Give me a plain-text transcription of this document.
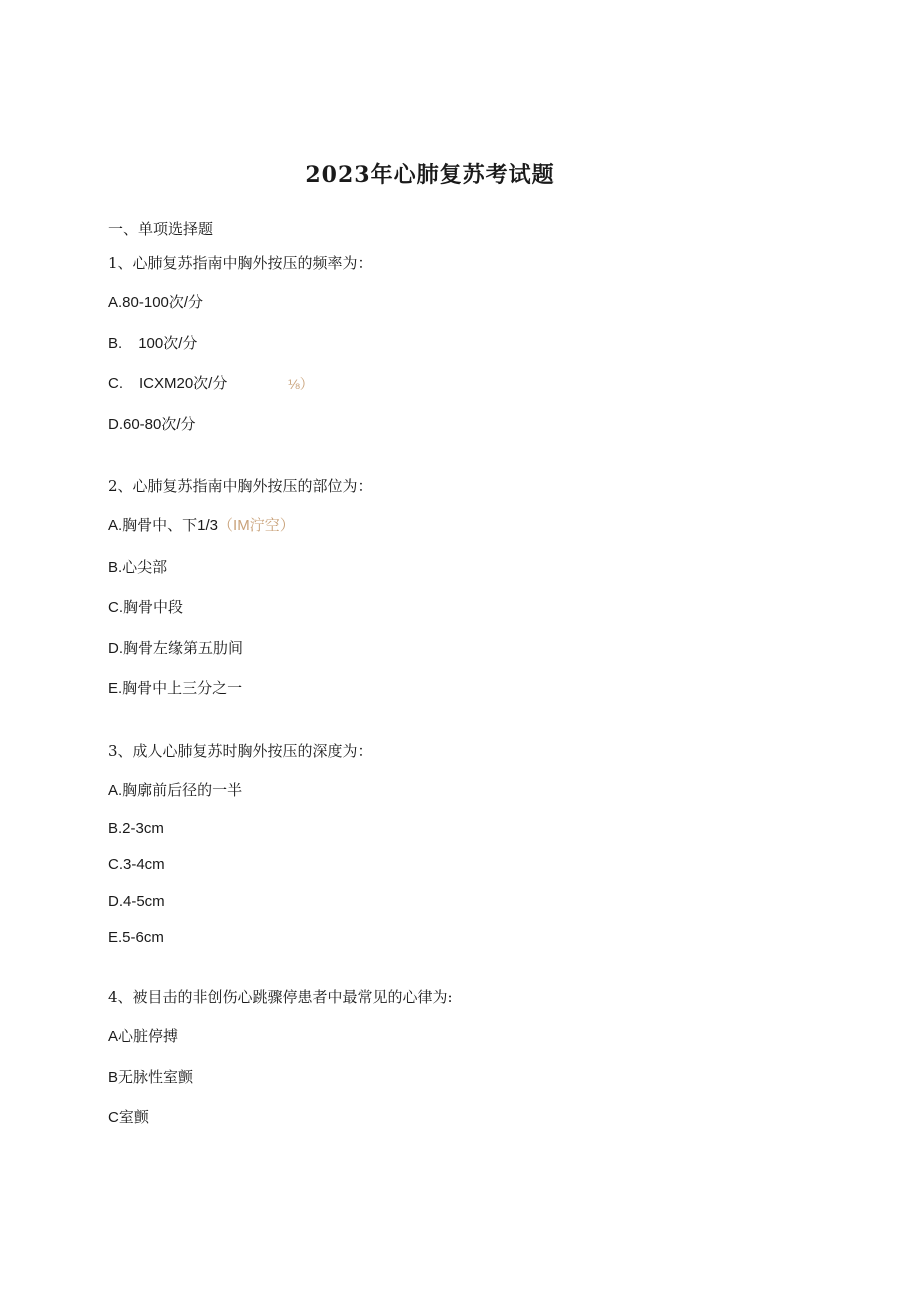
2023年心肺复苏考试题
一、单项选择题
1、心肺复苏指南中胸外按压的频率为：
A.80-100次/分
B. 100次/分
C. ICXM20次/分	⅛）
D.60-80次/分
2、心肺复苏指南中胸外按压的部位为：
A.胸骨中、下1/3（IM泞空）
B.心尖部
C.胸骨中段
D.胸骨左缘第五肋间
E.胸骨中上三分之一
3、成人心肺复苏时胸外按压的深度为：
A.胸廓前后径的一半
B.2-3cm
C.3-4cm
D.4-5cm
E.5-6cm
4、被目击的非创伤心跳骤停患者中最常见的心律为:
A心脏停搏
B无脉性室颤
C室颤
